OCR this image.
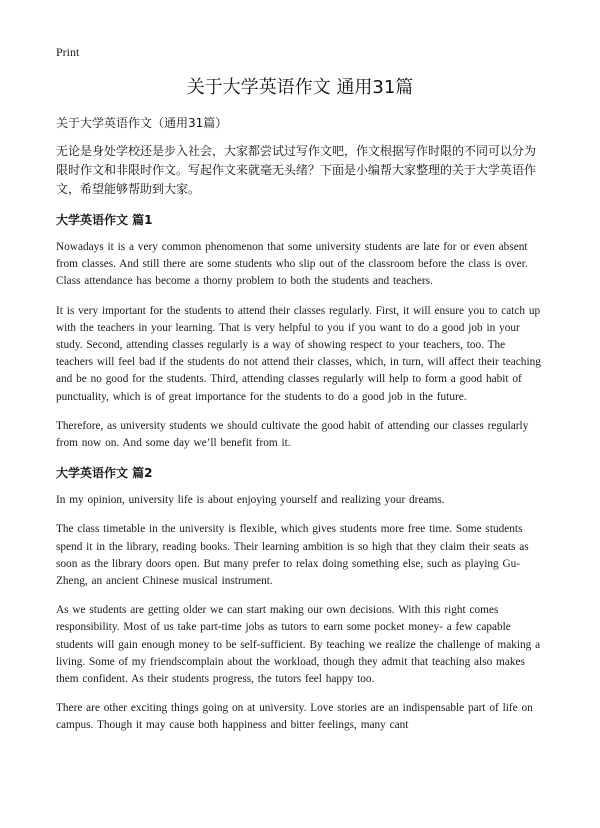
Print
关于大学英语作文 通用31篇
关于大学英语作文（通用31篇）

无论是身处学校还是步入社会，大家都尝试过写作文吧，作文根据写作时限的不同可以分为限时作文和非限时作文。写起作文来就毫无头绪？下面是小编帮大家整理的关于大学英语作文，希望能够帮助到大家。

大学英语作文 篇1

Nowadays it is a very common phenomenon that some university students are late for or even absent from classes. And still there are some students who slip out of the classroom before the class is over. Class attendance has become a thorny problem to both the students and teachers.

It is very important for the students to attend their classes regularly. First, it will ensure you to catch up with the teachers in your learning. That is very helpful to you if you want to do a good job in your study. Second, attending classes regularly is a way of showing respect to your teachers, too. The teachers will feel bad if the students do not attend their classes, which, in turn, will affect their teaching and be no good for the students. Third, attending classes regularly will help to form a good habit of punctuality, which is of great importance for the students to do a good job in the future.

Therefore, as university students we should cultivate the good habit of attending our classes regularly from now on. And some day we’ll benefit from it.

大学英语作文 篇2

In my opinion, university life is about enjoying yourself and realizing your dreams.

The class timetable in the university is flexible, which gives students more free time. Some students spend it in the library, reading books. Their learning ambition is so high that they claim their seats as soon as the library doors open. But many prefer to relax doing something else, such as playing Gu-Zheng, an ancient Chinese musical instrument.

As we students are getting older we can start making our own decisions. With this right comes responsibility. Most of us take part-time jobs as tutors to earn some pocket money- a few capable students will gain enough money to be self-sufficient. By teaching we realize the challenge of making a living. Some of my friendscomplain about the workload, though they admit that teaching also makes them confident. As their students progress, the tutors feel happy too.

There are other exciting things going on at university. Love stories are an indispensable part of life on campus. Though it may cause both happiness and bitter feelings, many cant
